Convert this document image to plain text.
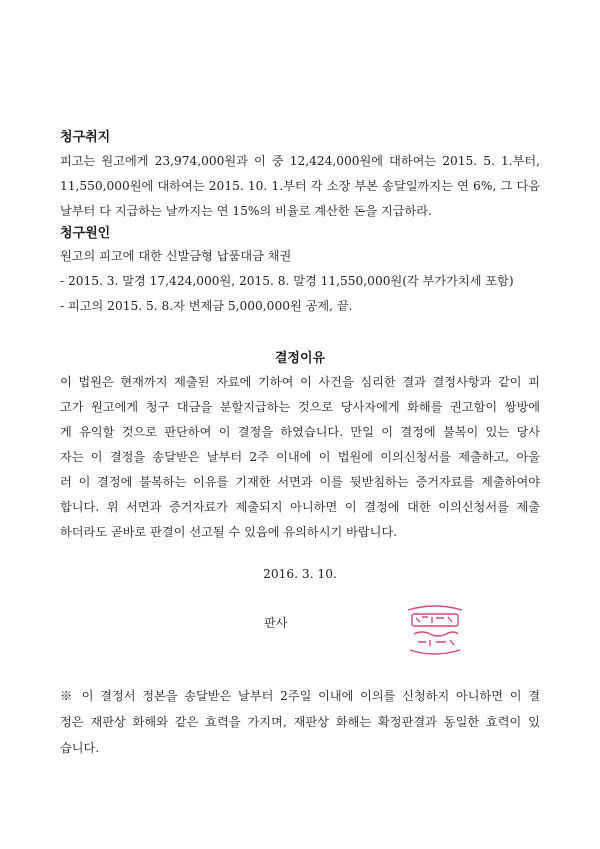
청구취지
피고는 원고에게 23,974,000원과 이 중 12,424,000원에 대하여는 2015. 5. 1.부터,
11,550,000원에 대하여는 2015. 10. 1.부터 각 소장 부본 송달일까지는 연 6%, 그 다음
날부터 다 지급하는 날까지는 연 15%의 비율로 계산한 돈을 지급하라.
청구원인
원고의 피고에 대한 신발금형 납품대금 채권
- 2015. 3. 말경 17,424,000원, 2015. 8. 말경 11,550,000원(각 부가가치세 포함)
- 피고의 2015. 5. 8.자 변제금 5,000,000원 공제, 끝.
결정이유
이 법원은 현재까지 제출된 자료에 기하여 이 사건을 심리한 결과 결정사항과 같이 피
고가 원고에게 청구 대금을 분할지급하는 것으로 당사자에게 화해를 권고함이 쌍방에
게 유익할 것으로 판단하여 이 결정을 하였습니다. 만일 이 결정에 불복이 있는 당사
자는 이 결정을 송달받은 날부터 2주 이내에 이 법원에 이의신청서를 제출하고, 아울
러 이 결정에 불복하는 이유를 기재한 서면과 이를 뒷받침하는 증거자료를 제출하여야
합니다. 위 서면과 증거자료가 제출되지 아니하면 이 결정에 대한 이의신청서를 제출
하더라도 곧바로 판결이 선고될 수 있음에 유의하시기 바랍니다.
2016. 3. 10.
판사
※ 이 결정서 정본을 송달받은 날부터 2주일 이내에 이의를 신청하지 아니하면 이 결
정은 재판상 화해와 같은 효력을 가지며, 재판상 화해는 확정판결과 동일한 효력이 있
습니다.
